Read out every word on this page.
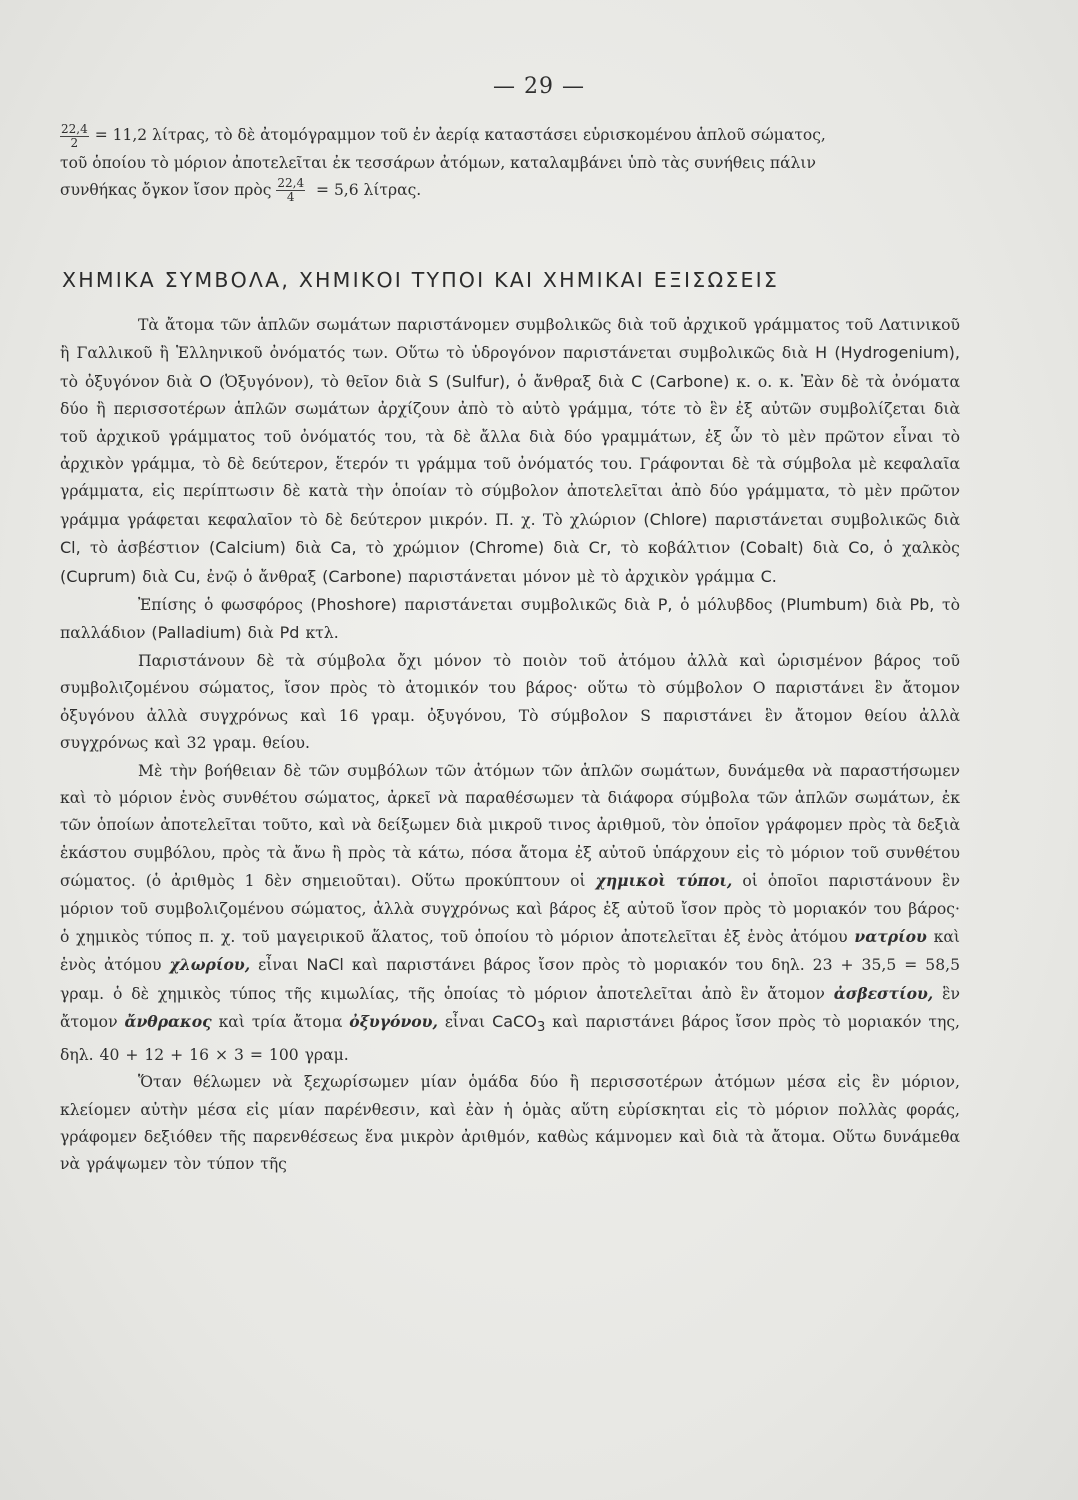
— 29 —
$\frac{22,4}{2} = 11,2$ λίτρας, τὸ δὲ ἀτομόγραμμον τοῦ ἐν ἀερίᾳ καταστάσει εὑρισκομένου ἁπλοῦ σώματος,
τοῦ ὁποίου τὸ μόριον ἀποτελεῖται ἐκ τεσσάρων ἀτόμων, καταλαμβάνει ὑπὸ τὰς συνήθεις πάλιν
συνθήκας ὄγκον ἴσον πρὸς $\frac{22,4}{4} = 5,6$ λίτρας.
ΧΗΜΙΚΑ ΣΥΜΒΟΛΑ, ΧΗΜΙΚΟΙ ΤΥΠΟΙ ΚΑΙ ΧΗΜΙΚΑΙ ΕΞΙΣΩΣΕΙΣ

Τὰ ἄτομα τῶν ἁπλῶν σωμάτων παριστάνομεν συμβολικῶς διὰ τοῦ ἀρχικοῦ γράμματος τοῦ Λατινικοῦ ἢ Γαλλικοῦ ἢ Ἑλληνικοῦ ὀνόματός των. Οὕτω τὸ ὑδρογόνον παριστάνεται συμβολικῶς διὰ H (Hydrogenium), τὸ ὀξυγόνον διὰ O (Ὀξυγόνον), τὸ θεῖον διὰ S (Sulfur), ὁ ἄνθραξ διὰ C (Carbone) κ. ο. κ. Ἐὰν δὲ τὰ ὀνόματα δύο ἢ περισσοτέρων ἁπλῶν σωμάτων ἀρχίζουν ἀπὸ τὸ αὐτὸ γράμμα, τότε τὸ ἓν ἐξ αὐτῶν συμβολίζεται διὰ τοῦ ἀρχικοῦ γράμματος τοῦ ὀνόματός του, τὰ δὲ ἄλλα διὰ δύο γραμμάτων, ἐξ ὧν τὸ μὲν πρῶτον εἶναι τὸ ἀρχικὸν γράμμα, τὸ δὲ δεύτερον, ἕτερόν τι γράμμα τοῦ ὀνόματός του. Γράφονται δὲ τὰ σύμβολα μὲ κεφαλαῖα γράμματα, εἰς περίπτωσιν δὲ κατὰ τὴν ὁποίαν τὸ σύμβολον ἀποτελεῖται ἀπὸ δύο γράμματα, τὸ μὲν πρῶτον γράμμα γράφεται κεφαλαῖον τὸ δὲ δεύτερον μικρόν. Π. χ. Τὸ χλώριον (Chlore) παριστάνεται συμβολικῶς διὰ Cl, τὸ ἀσβέστιον (Calcium) διὰ Ca, τὸ χρώμιον (Chrome) διὰ Cr, τὸ κοβάλτιον (Cobalt) διὰ Co, ὁ χαλκὸς (Cuprum) διὰ Cu, ἐνῷ ὁ ἄνθραξ (Carbone) παριστάνεται μόνον μὲ τὸ ἀρχικὸν γράμμα C.

Ἐπίσης ὁ φωσφόρος (Phoshore) παριστάνεται συμβολικῶς διὰ P, ὁ μόλυβδος (Plumbum) διὰ Pb, τὸ παλλάδιον (Palladium) διὰ Pd κτλ.

Παριστάνουν δὲ τὰ σύμβολα ὄχι μόνον τὸ ποιὸν τοῦ ἀτόμου ἀλλὰ καὶ ὡρισμένον βάρος τοῦ συμβολιζομένου σώματος, ἴσον πρὸς τὸ ἀτομικόν του βάρος· οὕτω τὸ σύμβολον Ο παριστάνει ἓν ἄτομον ὀξυγόνου ἀλλὰ συγχρόνως καὶ 16 γραμ. ὀξυγόνου, Τὸ σύμβολον S παριστάνει ἓν ἄτομον θείου ἀλλὰ συγχρόνως καὶ 32 γραμ. θείου.

Μὲ τὴν βοήθειαν δὲ τῶν συμβόλων τῶν ἀτόμων τῶν ἁπλῶν σωμάτων, δυνάμεθα νὰ παραστήσωμεν καὶ τὸ μόριον ἑνὸς συνθέτου σώματος, ἀρκεῖ νὰ παραθέσωμεν τὰ διάφορα σύμβολα τῶν ἁπλῶν σωμάτων, ἐκ τῶν ὁποίων ἀποτελεῖται τοῦτο, καὶ νὰ δείξωμεν διὰ μικροῦ τινος ἀριθμοῦ, τὸν ὁποῖον γράφομεν πρὸς τὰ δεξιὰ ἑκάστου συμβόλου, πρὸς τὰ ἄνω ἢ πρὸς τὰ κάτω, πόσα ἄτομα ἐξ αὐτοῦ ὑπάρχουν εἰς τὸ μόριον τοῦ συνθέτου σώματος. (ὁ ἀριθμὸς 1 δὲν σημειοῦται). Οὕτω προκύπτουν οἱ χημικοὶ τύποι, οἱ ὁποῖοι παριστάνουν ἓν μόριον τοῦ συμβολιζομένου σώματος, ἀλλὰ συγχρόνως καὶ βάρος ἐξ αὐτοῦ ἴσον πρὸς τὸ μοριακόν του βάρος· ὁ χημικὸς τύπος π. χ. τοῦ μαγειρικοῦ ἅλατος, τοῦ ὁποίου τὸ μόριον ἀποτελεῖται ἐξ ἑνὸς ἀτόμου νατρίου καὶ ἑνὸς ἀτόμου χλωρίου, εἶναι NaCl καὶ παριστάνει βάρος ἴσον πρὸς τὸ μοριακόν του δηλ. 23 + 35,5 = 58,5 γραμ. ὁ δὲ χημικὸς τύπος τῆς κιμωλίας, τῆς ὁποίας τὸ μόριον ἀποτελεῖται ἀπὸ ἓν ἄτομον ἀσβεστίου, ἓν ἄτομον ἄνθρακος καὶ τρία ἄτομα ὀξυγόνου, εἶναι CaCO$_3$ καὶ παριστάνει βάρος ἴσον πρὸς τὸ μοριακόν της, δηλ. 40 + 12 + 16 × 3 = 100 γραμ.

Ὅταν θέλωμεν νὰ ξεχωρίσωμεν μίαν ὁμάδα δύο ἢ περισσοτέρων ἀτόμων μέσα εἰς ἓν μόριον, κλείομεν αὐτὴν μέσα εἰς μίαν παρένθεσιν, καὶ ἐὰν ἡ ὁμὰς αὕτη εὑρίσκηται εἰς τὸ μόριον πολλὰς φοράς, γράφομεν δεξιόθεν τῆς παρενθέσεως ἕνα μικρὸν ἀριθμόν, καθὼς κάμνομεν καὶ διὰ τὰ ἄτομα. Οὕτω δυνάμεθα νὰ γράψωμεν τὸν τύπον τῆς
